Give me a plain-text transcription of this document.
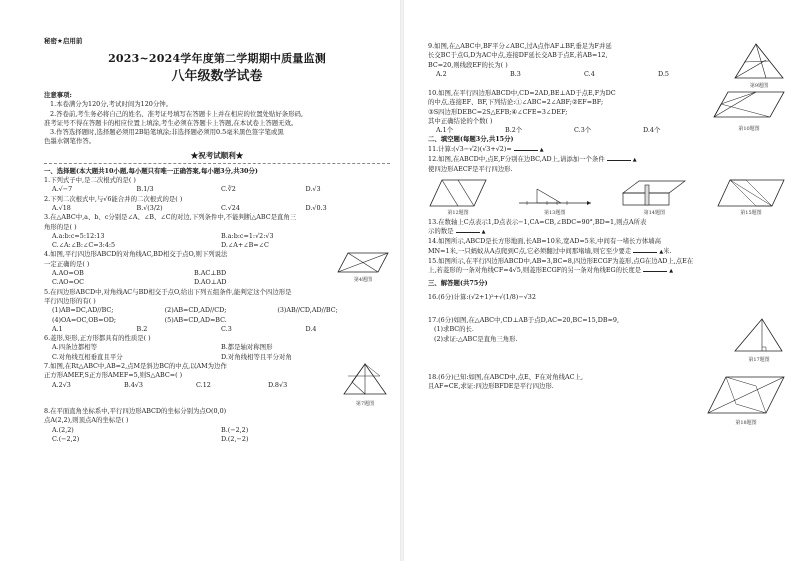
秘密★启用前
2023~2024学年度第二学期期中质量监测
八年级数学试卷
注意事项:
1.本卷满分为120分,考试时间为120分钟。
2.答卷前,考生务必将自己的姓名、准考证号填写在答题卡上并在相应的位置处贴好条形码,
准考证号不得在答题卡的相应位置上填涂,考生必须在答题卡上答题,在本试卷上答题无效。
3.作答选择题时,选择题必须用2B铅笔填涂;非选择题必须用0.5毫米黑色签字笔或黑
色墨水钢笔作答。
★祝考试顺利★
一、选择题(本大题共10小题,每小题只有唯一正确答案,每小题3分,共30分)
1.下列式子中,是二次根式的是( )
A.√−7	B.1/3	C.∛2	D.√3
2.下列二次根式中,与√6能合并的二次根式的是( )
A.√18	B.√(3/2)	C.√24	D.√0.3
3.在△ABC中,a、b、c分别是∠A、∠B、∠C的对边,下列条件中,不能判断△ABC是直角三
角形的是( )
A.a:b:c=5:12:13	B.a:b:c=1:√2:√3
C.∠A:∠B:∠C=3:4:5	D.∠A+∠B=∠C
4.如图,平行四边形ABCD的对角线AC,BD相交于点O,则下列说法
一定正确的是( )
A.AO=OB	B.AC⊥BD
C.AO=OC	D.AO⊥AD	第4题图
5.在四边形ABCD中,对角线AC与BD相交于点O,给出下列五组条件,能判定这个四边形是
平行四边形的有( )
(1)AB=DC,AD//BC;	(2)AB=CD,AD//CD;	(3)AB//CD,AD//BC;
(4)OA=OC,OB=OD;	(5)AB=CD,AD=BC.
A.1	B.2	C.3	D.4
6.菱形,矩形,正方形都具有的性质是( )
A.四条边都相等	B.都是轴对称图形
C.对角线互相垂直且平分	D.对角线相等且平分对角
7.如图,在Rt△ABC中,AB=2,点M是斜边BC的中点,以AM为边作
正方形AMEF,S正方形AMEF=5,则S△ABC=( )
A.2√3	B.4√3	C.12	D.8√3
第7题图
8.在平面直角坐标系中,平行四边形ABCD的坐标分别为点O(0,0)
点A(2,2),则顶点A的坐标是( )
A.(2,2)	B.(−2,2)
C.(−2,2)	D.(2,−2)
9.如图,在△ABC中,BF平分∠ABC,过A点作AF⊥BF,垂足为F并延
长交BC于点G,D为AC中点,连接DF延长交AB于点E,若AB=12,
BC=20,则线段EF的长为( )
A.2	B.3	C.4	D.5
第9题图
10.如图,在平行四边形ABCD中,CD=2AD,BE⊥AD于点E,F为DC
的中点,连接EF、BF,下列结论:①∠ABC=2∠ABF;②EF=BF;
③S四边形DEBC=2S△EFB;④∠CFE=3∠DEF;
其中正确结论的个数( )
A.1个	B.2个	C.3个	D.4个	第10题图
二、填空题(每题3分,共15分)
11.计算:(√3−√2)(√3+√2)=	▲
12.如图,在ABCD中,点E,F分别在边BC,AD上,请添加一个条件	▲
使四边形AECF是平行四边形.
第12题图	第13题图	第14题图	第15题图
13.在数轴上C点表示1,D点表示−1,CA=CB,∠BDC=90°,BD=1,则点A所表
示的数是	▲
14.如图所示,ABCD是长方形地面,长AB=10米,宽AD=5米,中间有一堵长方体墙高
MN=1米,一只蚂蚁从A点爬到C点,它必须翻过中间那堵墙,则它至少要走	▲米.
15.如图所示,在平行四边形ABCD中,AB=3,BC=8,四边形ECGF为菱形,点G在边AD上,点E在
上,若菱形的一条对角线CF=4√5,则菱形ECGF的另一条对角线EG的长度是	▲
三、解答题(共75分)
16.(6分)计算:(√2+1)²+√(1/8)−√32
17.(6分)如图,在△ABC中,CD⊥AB于点D,AC=20,BC=15,DB=9,
(1)求BC的长.
(2)求证:△ABC是直角三角形.
第17题图
18.(6分)已知:如图,在ABCD中,点E、F在对角线AC上,
且AF=CE,求证:四边形BFDE是平行四边形.
第18题图
